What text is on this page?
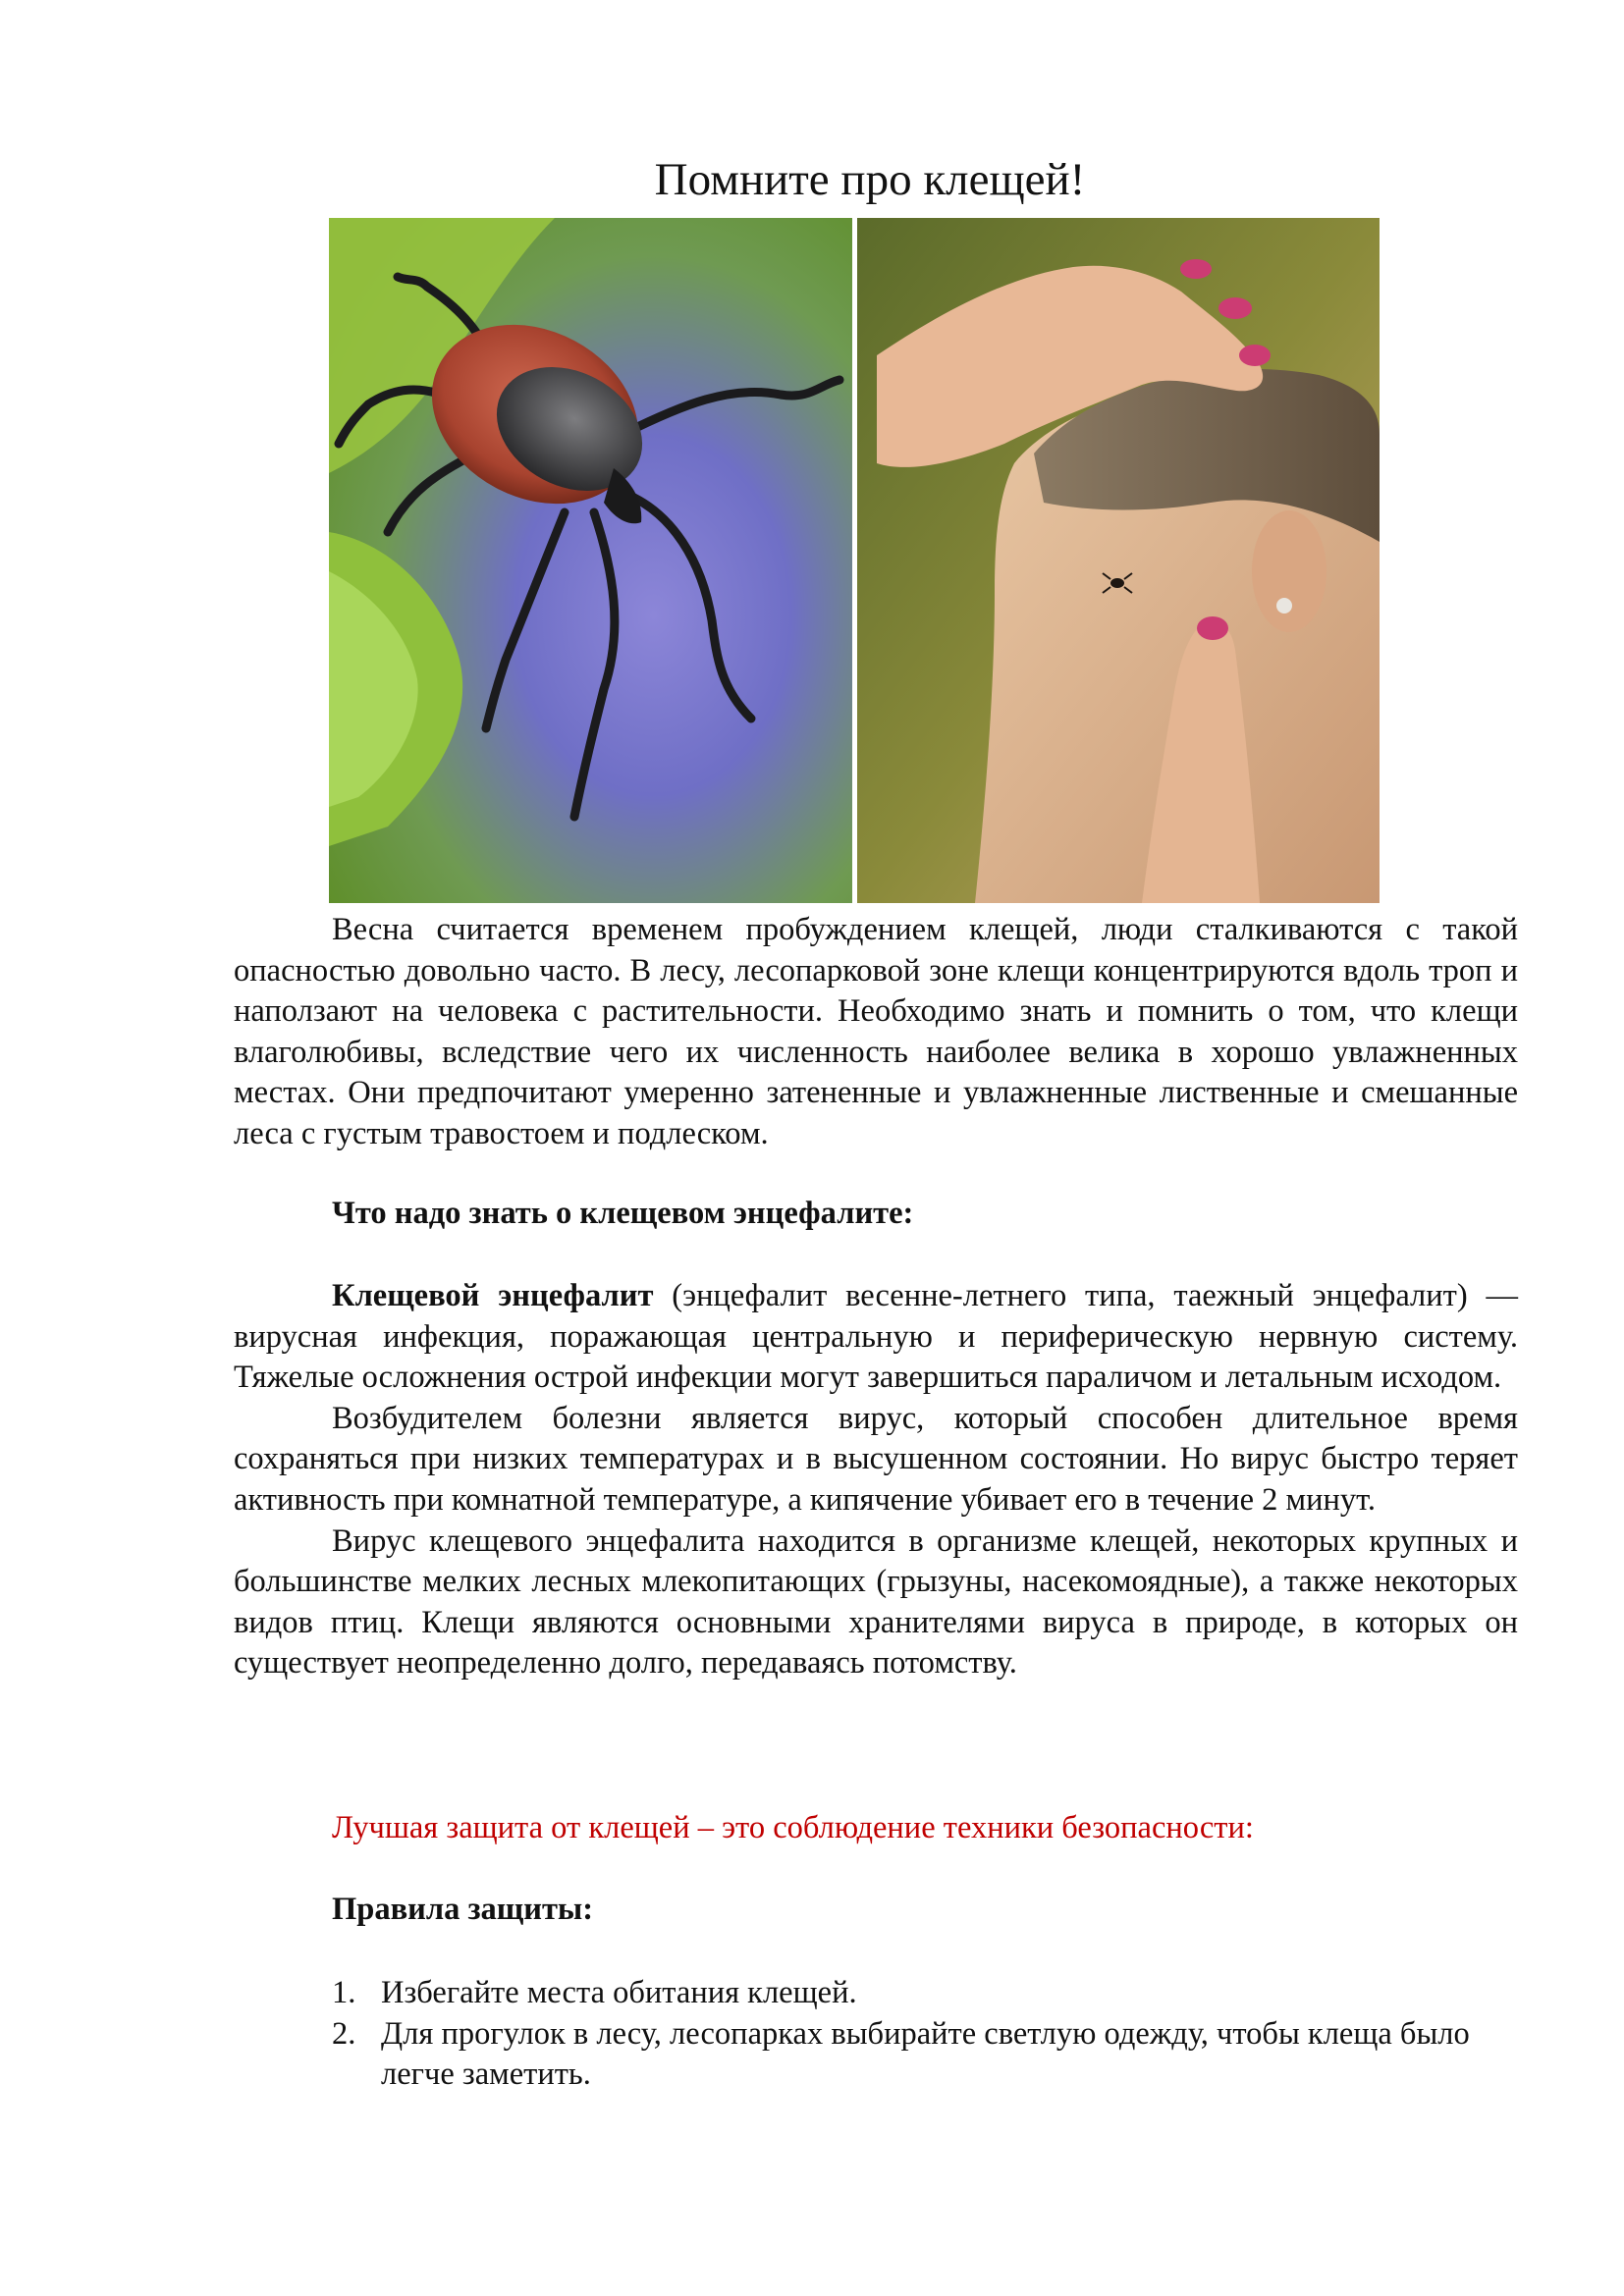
Помните про клещей!

Весна считается временем пробуждением клещей, люди сталкиваются с такой опасностью довольно часто. В лесу, лесопарковой зоне клещи концентрируются вдоль троп и наползают на человека с растительности. Необходимо знать и помнить о том, что клещи влаголюбивы, вследствие чего их численность наиболее велика в хорошо увлажненных местах. Они предпочитают умеренно затененные и увлажненные лиственные и смешанные леса с густым травостоем и подлеском.

Что надо знать о клещевом энцефалите:

Клещевой энцефалит (энцефалит весенне-летнего типа, таежный энцефалит) — вирусная инфекция, поражающая центральную и периферическую нервную систему. Тяжелые осложнения острой инфекции могут завершиться параличом и летальным исходом.

Возбудителем болезни является вирус, который способен длительное время сохраняться при низких температурах и в высушенном состоянии. Но вирус быстро теряет активность при комнатной температуре, а кипячение убивает его в течение 2 минут.

Вирус клещевого энцефалита находится в организме клещей, некоторых крупных и большинстве мелких лесных млекопитающих (грызуны, насекомоядные), а также некоторых видов птиц. Клещи являются основными хранителями вируса в природе, в которых он существует неопределенно долго, передаваясь потомству.

Лучшая защита от клещей – это соблюдение техники безопасности:

Правила защиты:

1. Избегайте места обитания клещей.
2. Для прогулок в лесу, лесопарках выбирайте светлую одежду, чтобы клеща было легче заметить.
